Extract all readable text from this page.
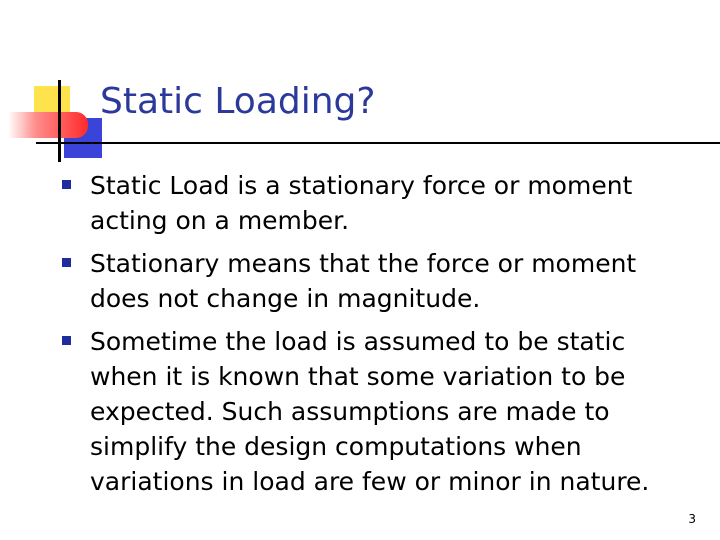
Static Loading?
Static Load is a stationary force or moment acting on a member.
Stationary means that the force or moment does not change in magnitude.
Sometime the load is assumed to be static when it is known that some variation to be expected. Such assumptions are made to simplify the design computations when variations in load are few or minor in nature.
3
